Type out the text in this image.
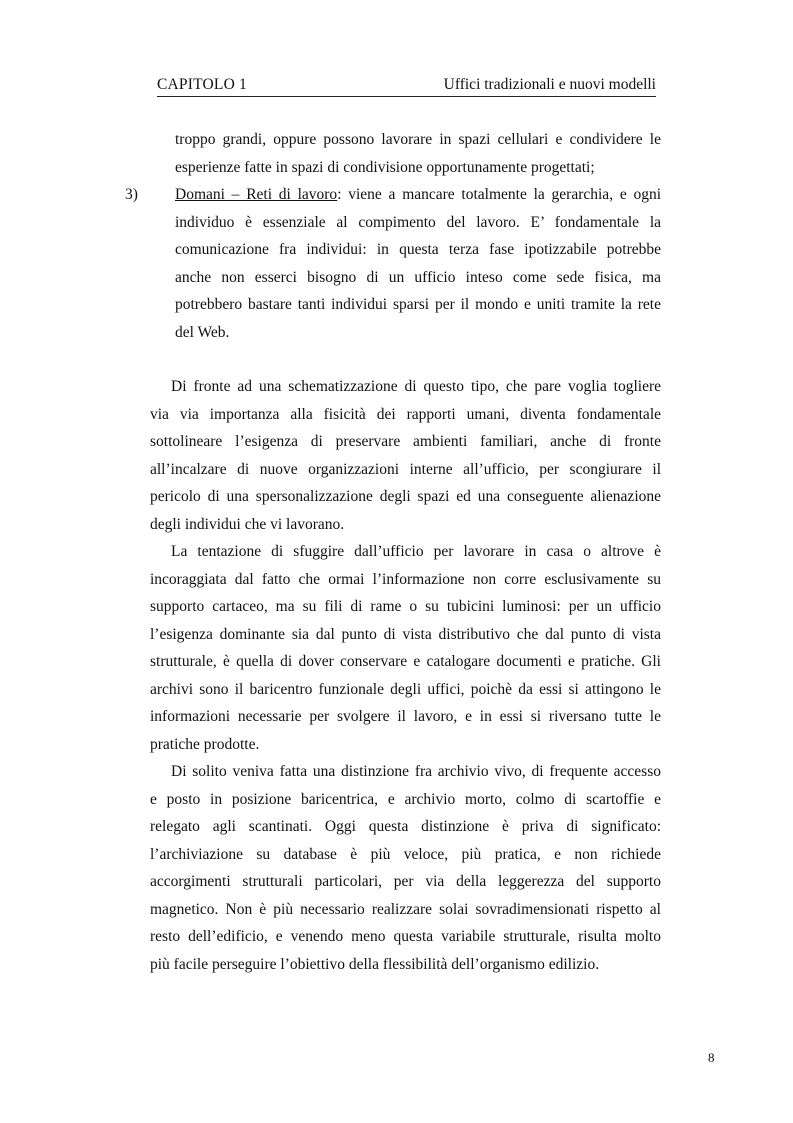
CAPITOLO 1	Uffici tradizionali e nuovi modelli
troppo grandi, oppure possono lavorare in spazi cellulari e condividere le
esperienze fatte in spazi di condivisione opportunamente progettati;
3) Domani – Reti di lavoro: viene a mancare totalmente la gerarchia, e ogni
individuo è essenziale al compimento del lavoro. E’ fondamentale la
comunicazione fra individui: in questa terza fase ipotizzabile potrebbe
anche non esserci bisogno di un ufficio inteso come sede fisica, ma
potrebbero bastare tanti individui sparsi per il mondo e uniti tramite la rete
del Web.
Di fronte ad una schematizzazione di questo tipo, che pare voglia togliere
via via importanza alla fisicità dei rapporti umani, diventa fondamentale
sottolineare l’esigenza di preservare ambienti familiari, anche di fronte
all’incalzare di nuove organizzazioni interne all’ufficio, per scongiurare il
pericolo di una spersonalizzazione degli spazi ed una conseguente alienazione
degli individui che vi lavorano.
La tentazione di sfuggire dall’ufficio per lavorare in casa o altrove è
incoraggiata dal fatto che ormai l’informazione non corre esclusivamente su
supporto cartaceo, ma su fili di rame o su tubicini luminosi: per un ufficio
l’esigenza dominante sia dal punto di vista distributivo che dal punto di vista
strutturale, è quella di dover conservare e catalogare documenti e pratiche. Gli
archivi sono il baricentro funzionale degli uffici, poichè da essi si attingono le
informazioni necessarie per svolgere il lavoro, e in essi si riversano tutte le
pratiche prodotte.
Di solito veniva fatta una distinzione fra archivio vivo, di frequente accesso
e posto in posizione baricentrica, e archivio morto, colmo di scartoffie e
relegato agli scantinati. Oggi questa distinzione è priva di significato:
l’archiviazione su database è più veloce, più pratica, e non richiede
accorgimenti strutturali particolari, per via della leggerezza del supporto
magnetico. Non è più necessario realizzare solai sovradimensionati rispetto al
resto dell’edificio, e venendo meno questa variabile strutturale, risulta molto
più facile perseguire l’obiettivo della flessibilità dell’organismo edilizio.
8
